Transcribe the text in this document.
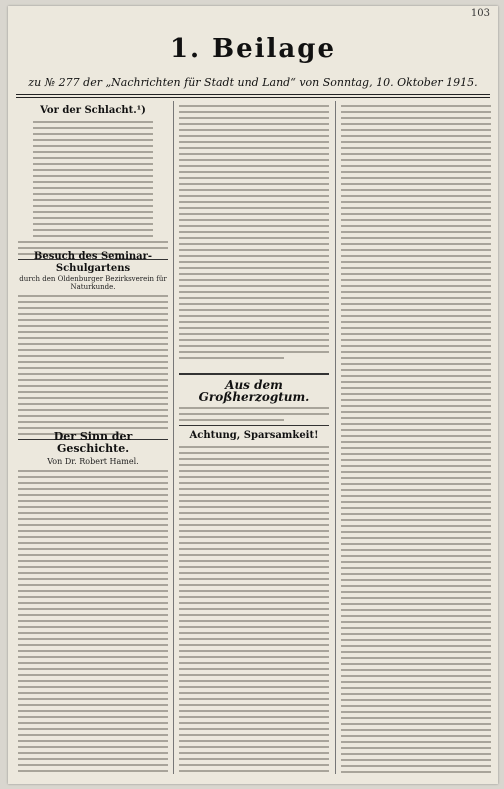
103
1. Beilage
zu № 277 der „Nachrichten für Stadt und Land“ von Sonntag, 10. Oktober 1915.
Vor der Schlacht.¹)
Besuch des Seminar-Schulgartens
durch den Oldenburger Bezirksverein für Naturkunde.
Der Sinn der Geschichte.
Von Dr. Robert Hamel.
Aus dem Großherzogtum.
Achtung, Sparsamkeit!
